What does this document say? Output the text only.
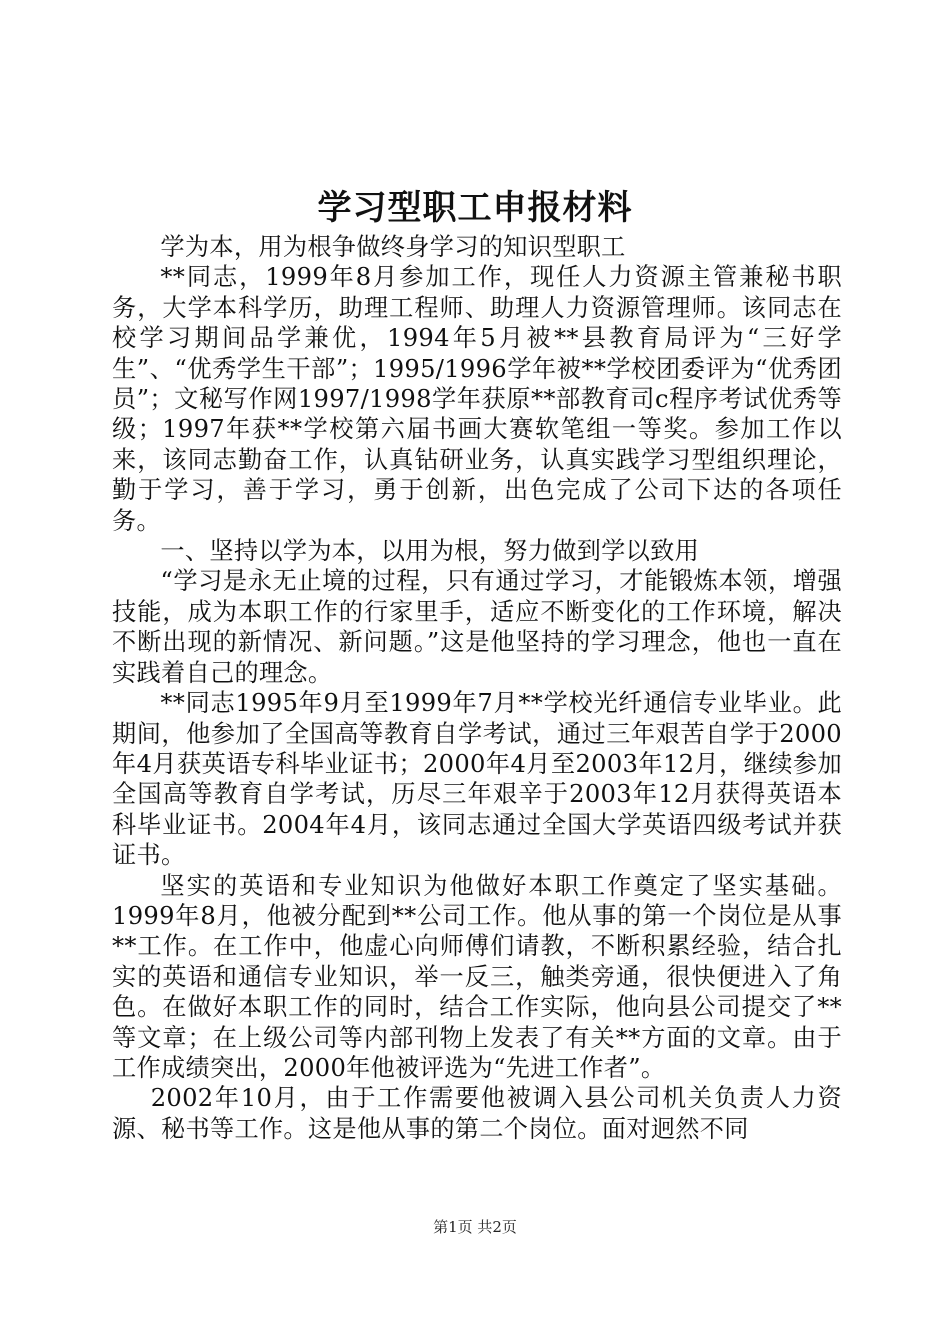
学习型职工申报材料

学为本，用为根争做终身学习的知识型职工

**同志，1999年8月参加工作，现任人力资源主管兼秘书职务，大学本科学历，助理工程师、助理人力资源管理师。该同志在校学习期间品学兼优，1994年5月被**县教育局评为“三好学生”、“优秀学生干部”；1995/1996学年被**学校团委评为“优秀团员”；文秘写作网1997/1998学年获原**部教育司c程序考试优秀等级；1997年获**学校第六届书画大赛软笔组一等奖。参加工作以来，该同志勤奋工作，认真钻研业务，认真实践学习型组织理论，勤于学习，善于学习，勇于创新，出色完成了公司下达的各项任务。

一、坚持以学为本，以用为根，努力做到学以致用

“学习是永无止境的过程，只有通过学习，才能锻炼本领，增强技能，成为本职工作的行家里手，适应不断变化的工作环境，解决不断出现的新情况、新问题。”这是他坚持的学习理念，他也一直在实践着自己的理念。

**同志1995年9月至1999年7月**学校光纤通信专业毕业。此期间，他参加了全国高等教育自学考试，通过三年艰苦自学于2000年4月获英语专科毕业证书；2000年4月至2003年12月，继续参加全国高等教育自学考试，历尽三年艰辛于2003年12月获得英语本科毕业证书。2004年4月，该同志通过全国大学英语四级考试并获证书。

坚实的英语和专业知识为他做好本职工作奠定了坚实基础。1999年8月，他被分配到**公司工作。他从事的第一个岗位是从事**工作。在工作中，他虚心向师傅们请教，不断积累经验，结合扎实的英语和通信专业知识，举一反三，触类旁通，很快便进入了角色。在做好本职工作的同时，结合工作实际，他向县公司提交了**等文章；在上级公司等内部刊物上发表了有关**方面的文章。由于工作成绩突出，2000年他被评选为“先进工作者”。

2002年10月，由于工作需要他被调入县公司机关负责人力资源、秘书等工作。这是他从事的第二个岗位。面对迥然不同

第1页 共2页
